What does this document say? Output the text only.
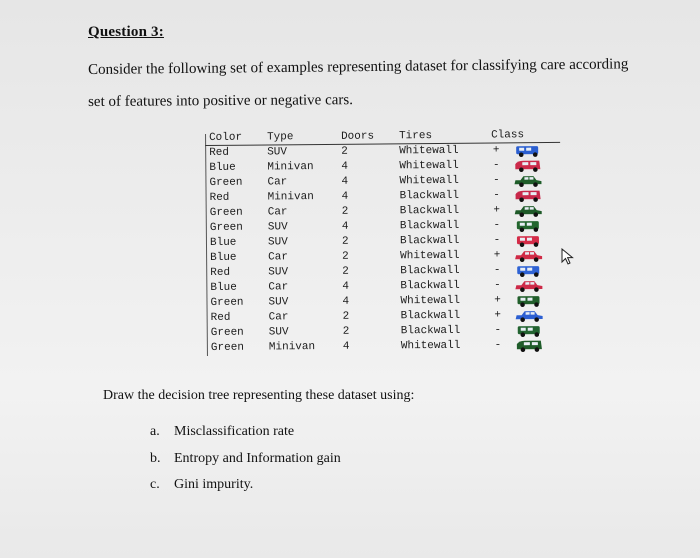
Question 3:
Consider the following set of examples representing dataset for classifying care according
set of features into positive or negative cars.
Color Type	Doors Tires	Class
Red	SUV	2	Whitewall	+
Blue	Minivan	4	Whitewall	-
Green Car	4	Whitewall	-
Red	Minivan	4	Blackwall	-
Green Car	2	Blackwall	+
Green SUV	4	Blackwall	-
Blue	SUV	2	Blackwall	-
Blue	Car	2	Whitewall	+
Red	SUV	2	Blackwall	-
Blue	Car	4	Blackwall	-
Green SUV	4	Whitewall	+
Red	Car	2	Blackwall	+
Green SUV	2	Blackwall	-
Green Minivan	4	Whitewall	-
Draw the decision tree representing these dataset using:
a. Misclassification rate
b. Entropy and Information gain
c. Gini impurity.
